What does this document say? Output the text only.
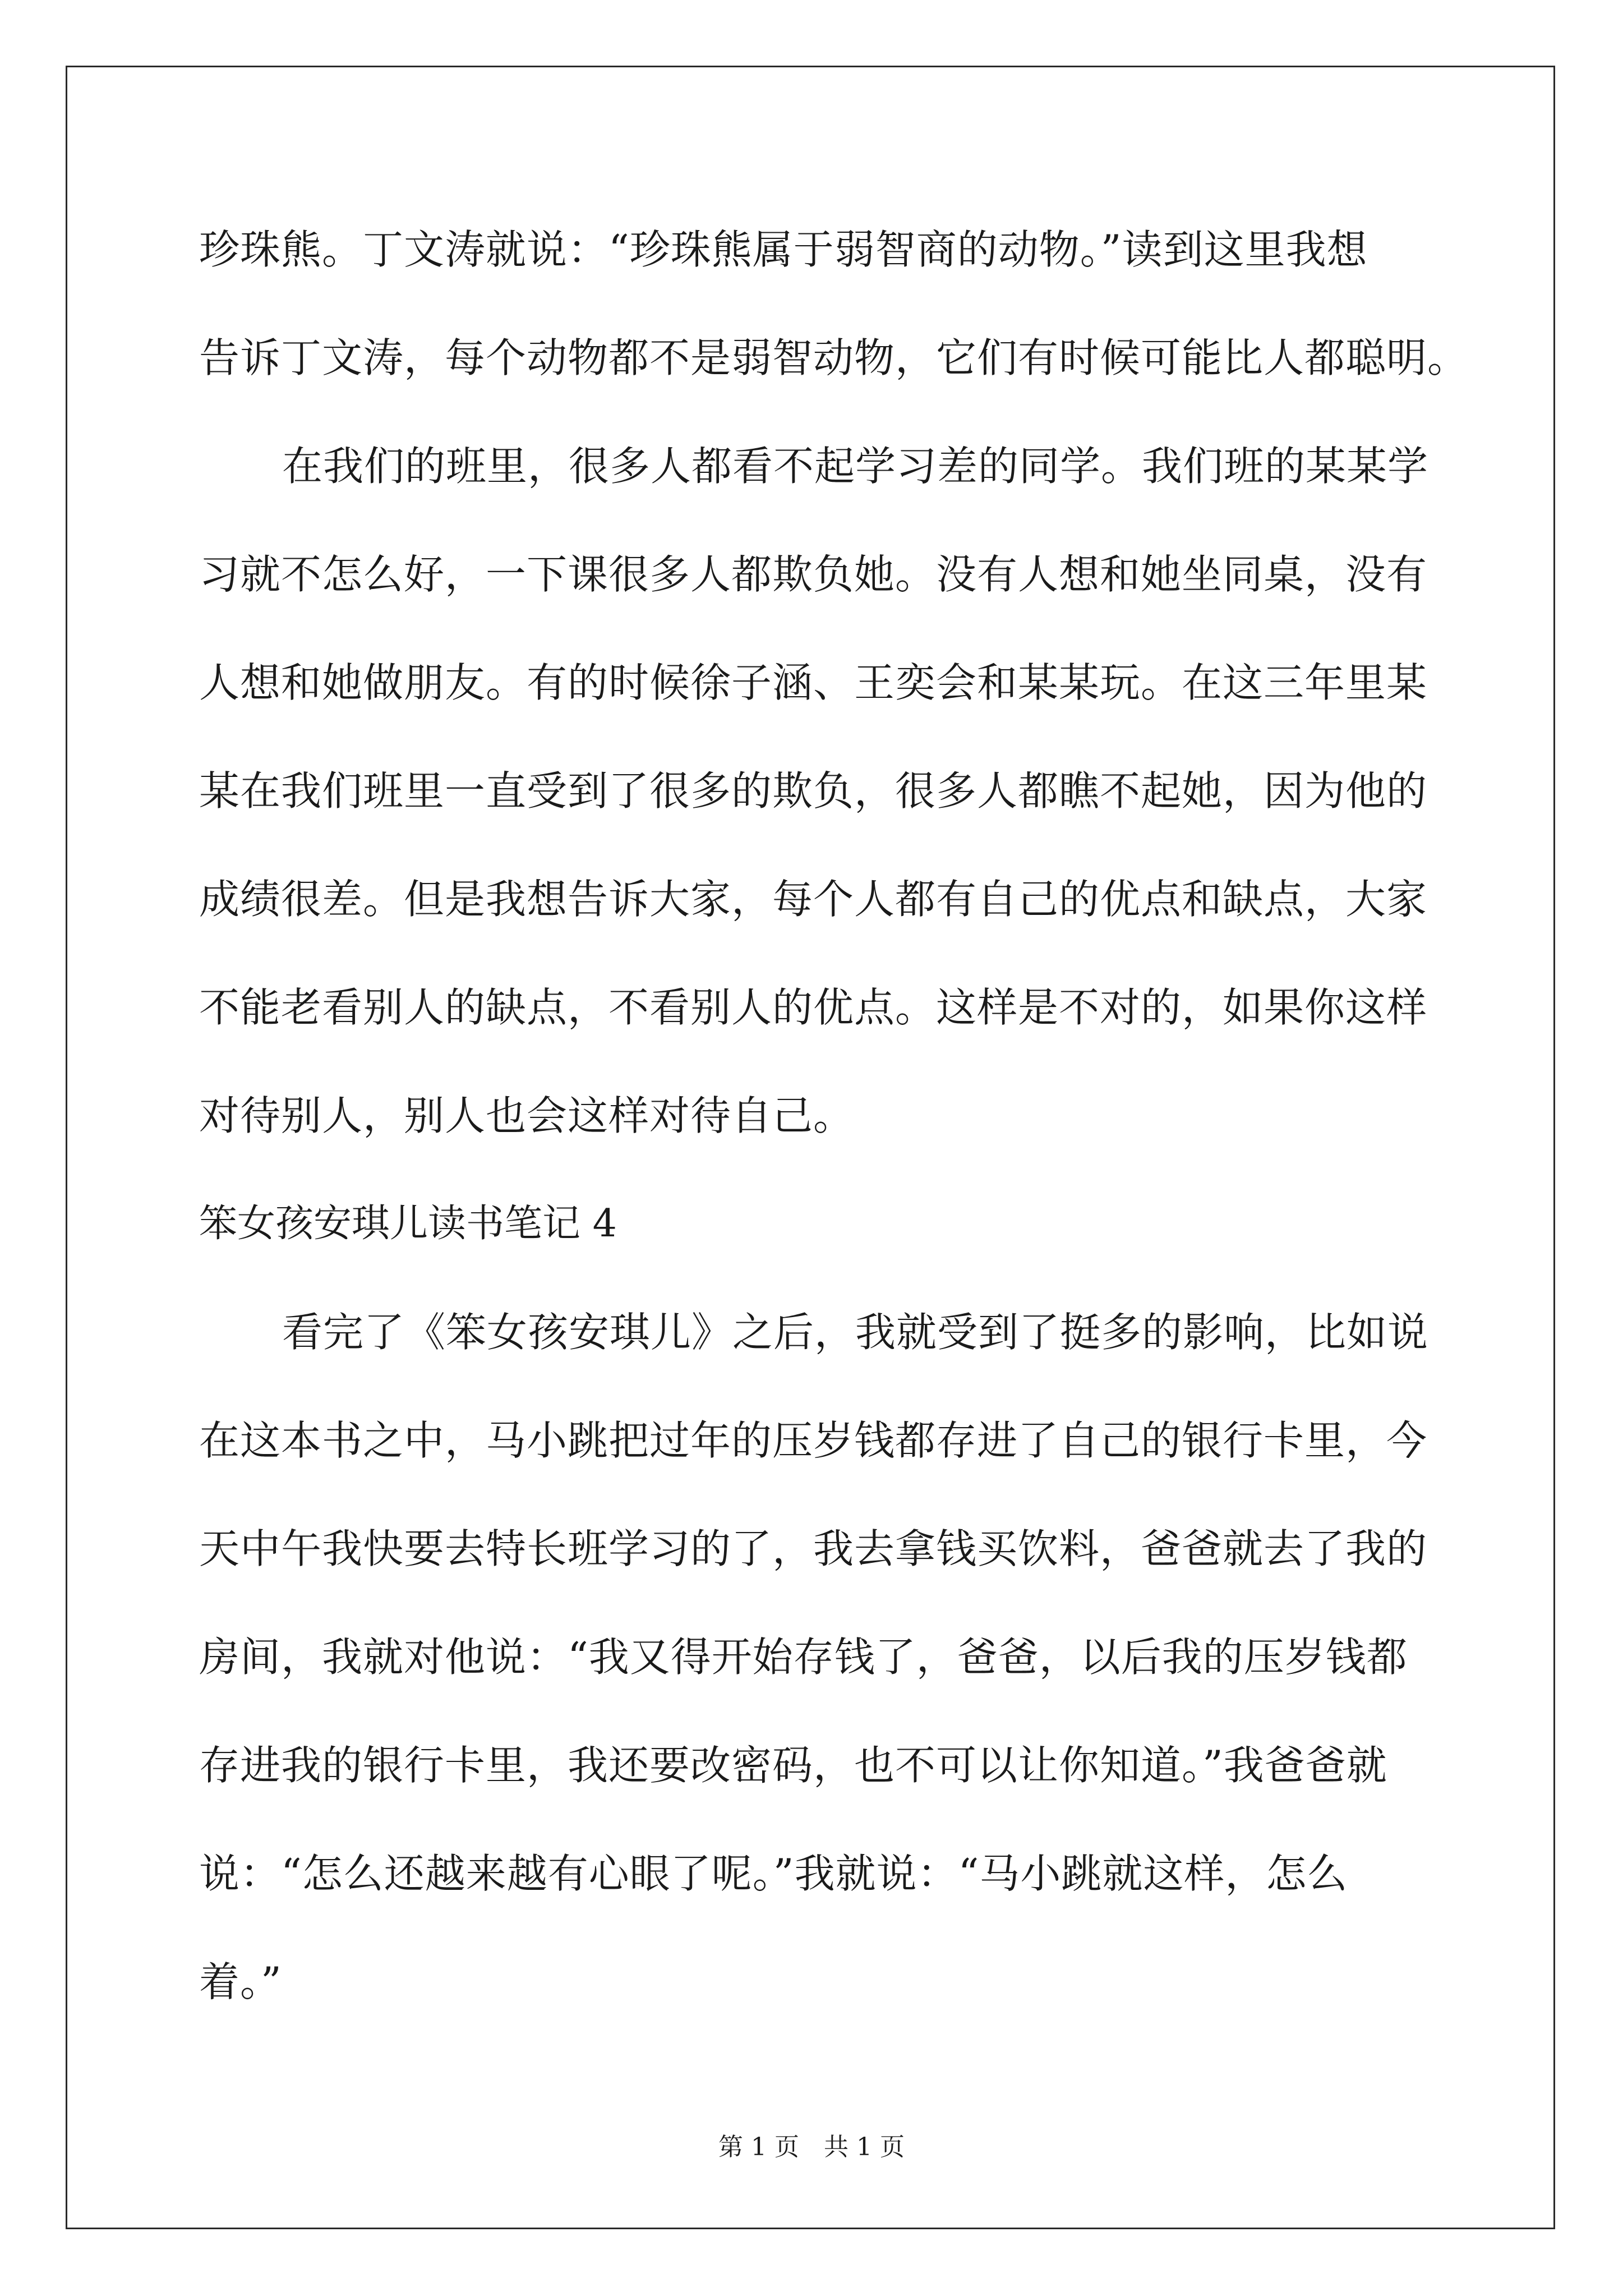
珍珠熊。丁文涛就说：“珍珠熊属于弱智商的动物。”读到这里我想
告诉丁文涛，每个动物都不是弱智动物，它们有时候可能比人都聪明。
在我们的班里，很多人都看不起学习差的同学。我们班的某某学
习就不怎么好，一下课很多人都欺负她。没有人想和她坐同桌，没有
人想和她做朋友。有的时候徐子涵、王奕会和某某玩。在这三年里某
某在我们班里一直受到了很多的欺负，很多人都瞧不起她，因为他的
成绩很差。但是我想告诉大家，每个人都有自己的优点和缺点，大家
不能老看别人的缺点，不看别人的优点。这样是不对的，如果你这样
对待别人，别人也会这样对待自己。
笨女孩安琪儿读书笔记 4
看完了《笨女孩安琪儿》之后，我就受到了挺多的影响，比如说
在这本书之中，马小跳把过年的压岁钱都存进了自己的银行卡里，今
天中午我快要去特长班学习的了，我去拿钱买饮料，爸爸就去了我的
房间，我就对他说：“我又得开始存钱了，爸爸，以后我的压岁钱都
存进我的银行卡里，我还要改密码，也不可以让你知道。”我爸爸就
说：“怎么还越来越有心眼了呢。”我就说：“马小跳就这样，怎么
着。”
第 1 页　共 1 页
